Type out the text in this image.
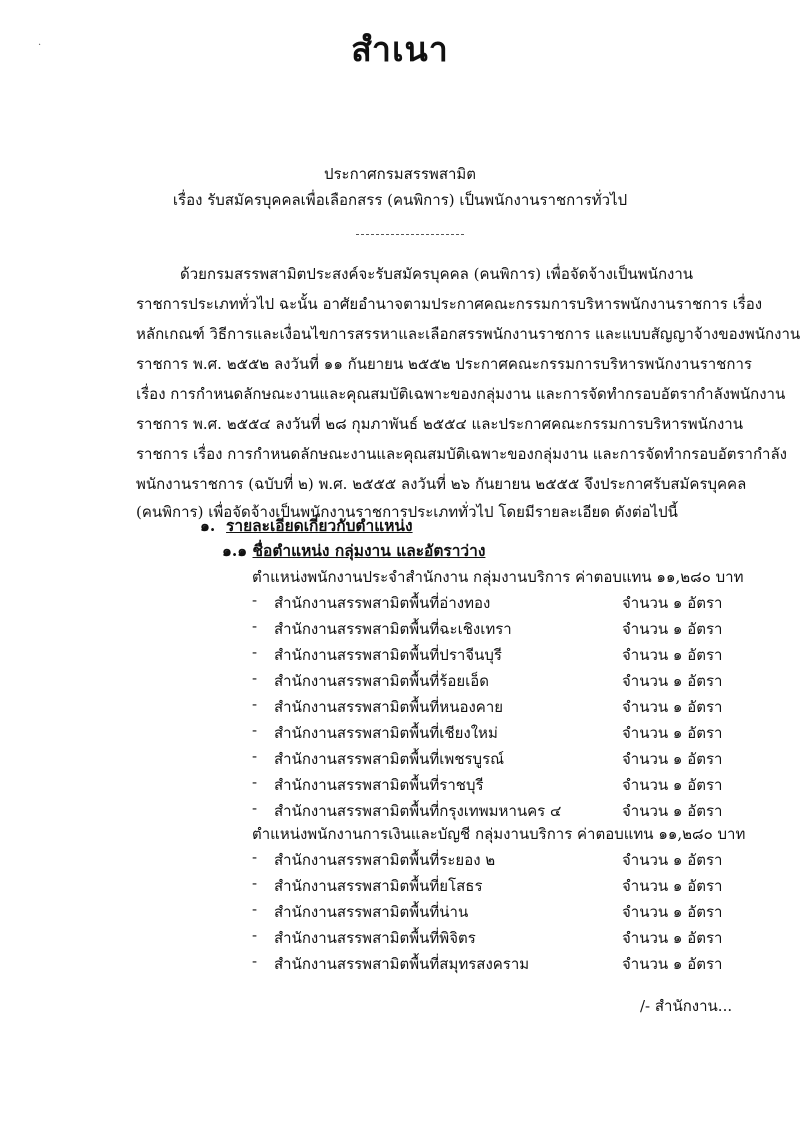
·	สำเนา
ประกาศกรมสรรพสามิต
เรื่อง รับสมัครบุคคลเพื่อเลือกสรร (คนพิการ) เป็นพนักงานราชการทั่วไป
ด้วยกรมสรรพสามิตประสงค์จะรับสมัครบุคคล (คนพิการ) เพื่อจัดจ้างเป็นพนักงาน
ราชการประเภททั่วไป ฉะนั้น อาศัยอำนาจตามประกาศคณะกรรมการบริหารพนักงานราชการ เรื่อง
หลักเกณฑ์ วิธีการและเงื่อนไขการสรรหาและเลือกสรรพนักงานราชการ และแบบสัญญาจ้างของพนักงาน
ราชการ พ.ศ. ๒๕๕๒ ลงวันที่ ๑๑ กันยายน ๒๕๕๒ ประกาศคณะกรรมการบริหารพนักงานราชการ
เรื่อง การกำหนดลักษณะงานและคุณสมบัติเฉพาะของกลุ่มงาน และการจัดทำกรอบอัตรากำลังพนักงาน
ราชการ พ.ศ. ๒๕๕๔ ลงวันที่ ๒๘ กุมภาพันธ์ ๒๕๕๔ และประกาศคณะกรรมการบริหารพนักงาน
ราชการ เรื่อง การกำหนดลักษณะงานและคุณสมบัติเฉพาะของกลุ่มงาน และการจัดทำกรอบอัตรากำลัง
พนักงานราชการ (ฉบับที่ ๒) พ.ศ. ๒๕๕๕ ลงวันที่ ๒๖ กันยายน ๒๕๕๕ จึงประกาศรับสมัครบุคคล
(คนพิการ) เพื่อจัดจ้างเป็นพนักงานราชการประเภททั่วไป โดยมีรายละเอียด ดังต่อไปนี้
๑. รายละเอียดเกี่ยวกับตำแหน่ง
๑.๑ ชื่อตำแหน่ง กลุ่มงาน และอัตราว่าง
ตำแหน่งพนักงานประจำสำนักงาน กลุ่มงานบริการ ค่าตอบแทน ๑๑,๒๘๐ บาท
- สำนักงานสรรพสามิตพื้นที่อ่างทอง	จำนวน ๑ อัตรา
- สำนักงานสรรพสามิตพื้นที่ฉะเชิงเทรา	จำนวน ๑ อัตรา
- สำนักงานสรรพสามิตพื้นที่ปราจีนบุรี	จำนวน ๑ อัตรา
- สำนักงานสรรพสามิตพื้นที่ร้อยเอ็ด	จำนวน ๑ อัตรา
- สำนักงานสรรพสามิตพื้นที่หนองคาย	จำนวน ๑ อัตรา
- สำนักงานสรรพสามิตพื้นที่เชียงใหม่	จำนวน ๑ อัตรา
- สำนักงานสรรพสามิตพื้นที่เพชรบูรณ์	จำนวน ๑ อัตรา
- สำนักงานสรรพสามิตพื้นที่ราชบุรี	จำนวน ๑ อัตรา
- สำนักงานสรรพสามิตพื้นที่กรุงเทพมหานคร ๔	จำนวน ๑ อัตรา
ตำแหน่งพนักงานการเงินและบัญชี กลุ่มงานบริการ ค่าตอบแทน ๑๑,๒๘๐ บาท
- สำนักงานสรรพสามิตพื้นที่ระยอง ๒	จำนวน ๑ อัตรา
- สำนักงานสรรพสามิตพื้นที่ยโสธร	จำนวน ๑ อัตรา
- สำนักงานสรรพสามิตพื้นที่น่าน	จำนวน ๑ อัตรา
- สำนักงานสรรพสามิตพื้นที่พิจิตร	จำนวน ๑ อัตรา
- สำนักงานสรรพสามิตพื้นที่สมุทรสงคราม	จำนวน ๑ อัตรา
/- สำนักงาน...
